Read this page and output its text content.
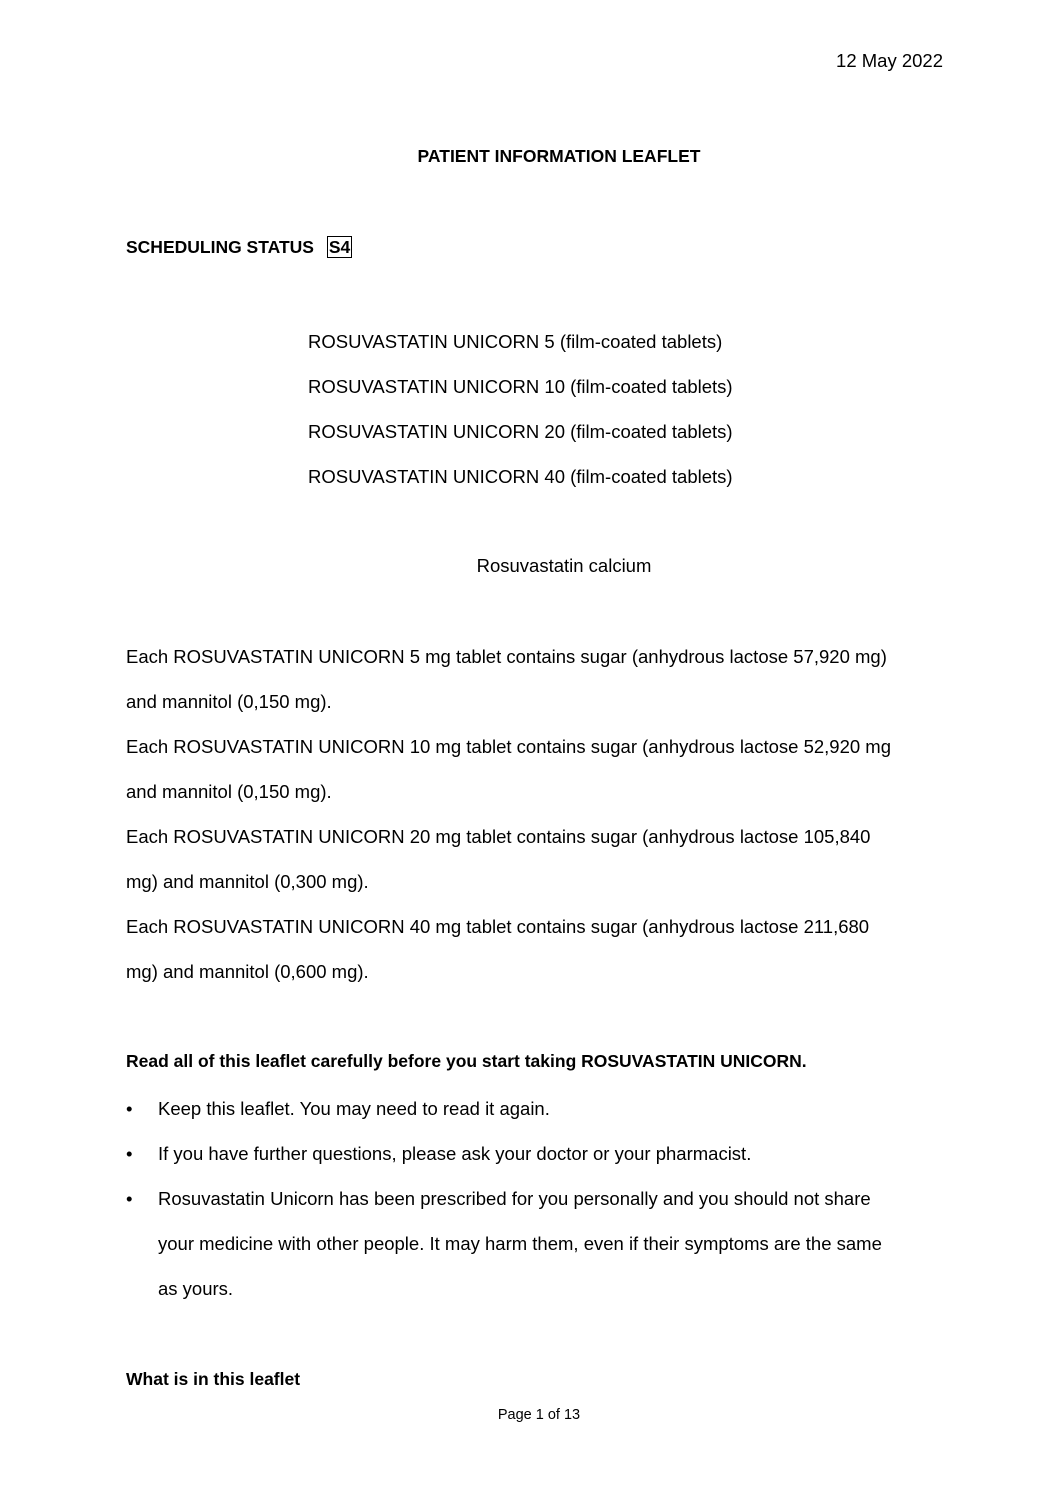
12 May 2022
PATIENT INFORMATION LEAFLET
SCHEDULING STATUS S4
ROSUVASTATIN UNICORN 5 (film-coated tablets)
ROSUVASTATIN UNICORN 10 (film-coated tablets)
ROSUVASTATIN UNICORN 20 (film-coated tablets)
ROSUVASTATIN UNICORN 40 (film-coated tablets)
Rosuvastatin calcium
Each ROSUVASTATIN UNICORN 5 mg tablet contains sugar (anhydrous lactose 57,920 mg)
and mannitol (0,150 mg).
Each ROSUVASTATIN UNICORN 10 mg tablet contains sugar (anhydrous lactose 52,920 mg
and mannitol (0,150 mg).
Each ROSUVASTATIN UNICORN 20 mg tablet contains sugar (anhydrous lactose 105,840
mg) and mannitol (0,300 mg).
Each ROSUVASTATIN UNICORN 40 mg tablet contains sugar (anhydrous lactose 211,680
mg) and mannitol (0,600 mg).
Read all of this leaflet carefully before you start taking ROSUVASTATIN UNICORN.
• Keep this leaflet. You may need to read it again.
• If you have further questions, please ask your doctor or your pharmacist.
• Rosuvastatin Unicorn has been prescribed for you personally and you should not share
your medicine with other people. It may harm them, even if their symptoms are the same
as yours.
What is in this leaflet
Page 1 of 13
